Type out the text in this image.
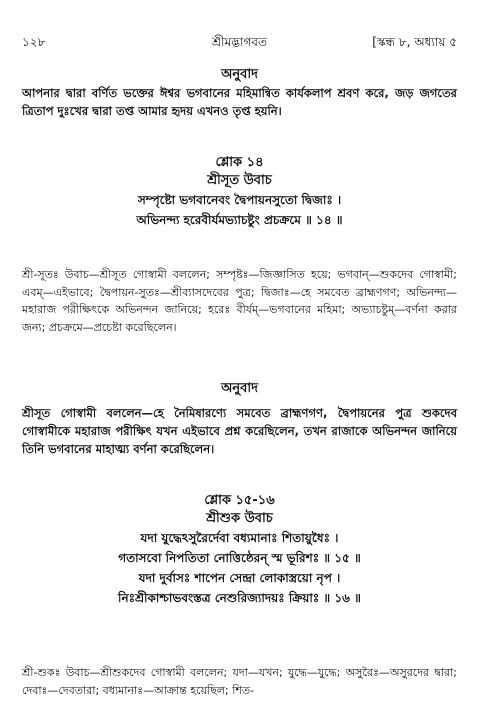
১২৮	শ্রীমদ্ভাগবত	[স্কন্ধ ৮, অধ্যায় ৫
অনুবাদ
আপনার দ্বারা বর্ণিত ভক্তের ঈশ্বর ভগবানের মহিমান্বিত কার্যকলাপ শ্রবণ করে, জড় জগতের ত্রিতাপ দুঃখের দ্বারা তপ্ত আমার হৃদয় এখনও তৃপ্ত হয়নি।
শ্লোক ১৪
শ্রীসূত উবাচ
সম্পৃষ্টো ভগবানেবং দ্বৈপায়নসুতো দ্বিজাঃ ।
অভিনন্দ্য হরেবীর্যমভ্যাচষ্টুং প্রচক্রমে ॥ ১৪ ॥
শ্রী-সূতঃ উবাচ—শ্রীসূত গোস্বামী বললেন; সম্পৃষ্টঃ—জিজ্ঞাসিত হয়ে; ভগবান্—শুকদেব গোস্বামী; এবম্—এইভাবে; দ্বৈপায়ন-সুতঃ—শ্রীব্যাসদেবের পুত্র; দ্বিজাঃ—হে সমবেত ব্রাহ্মণগণ; অভিনন্দ্য—মহারাজ পরীক্ষিৎকে অভিনন্দন জানিয়ে; হরেঃ বীর্যম্—ভগবানের মহিমা; অভ্যাচষ্টুম্—বর্ণনা করার জন্য; প্রচক্রমে—প্রচেষ্টা করেছিলেন।
অনুবাদ
শ্রীসূত গোস্বামী বললেন—হে নৈমিষারণ্যে সমবেত ব্রাহ্মণগণ, দ্বৈপায়নের পুত্র শুকদেব গোস্বামীকে মহারাজ পরীক্ষিৎ যখন এইভাবে প্রশ্ন করেছিলেন, তখন রাজাকে অভিনন্দন জানিয়ে তিনি ভগবানের মাহাত্ম্য বর্ণনা করেছিলেন।
শ্লোক ১৫-১৬
শ্রীশুক উবাচ
যদা যুদ্ধেঽসুরৈর্দেবা বধ্যমানাঃ শিতায়ুধৈঃ ।
গতাসবো নিপতিতা নোত্তিষ্ঠেরন্ স্ম ভূরিশঃ ॥ ১৫ ॥
যদা দুর্বাসঃ শাপেন সেন্দ্রা লোকাস্ত্রয়ো নৃপ ।
নিঃশ্রীকাশ্চাভবংস্তত্র নেশুরিজ্যাদয়ঃ ক্রিয়াঃ ॥ ১৬ ॥
শ্রী-শুকঃ উবাচ—শ্রীশুকদেব গোস্বামী বললেন; যদা—যখন; যুদ্ধে—যুদ্ধে; অসুরৈঃ—অসুরদের দ্বারা; দেবাঃ—দেবতারা; বধ্যমানাঃ—আক্রান্ত হয়েছিল; শিত-
